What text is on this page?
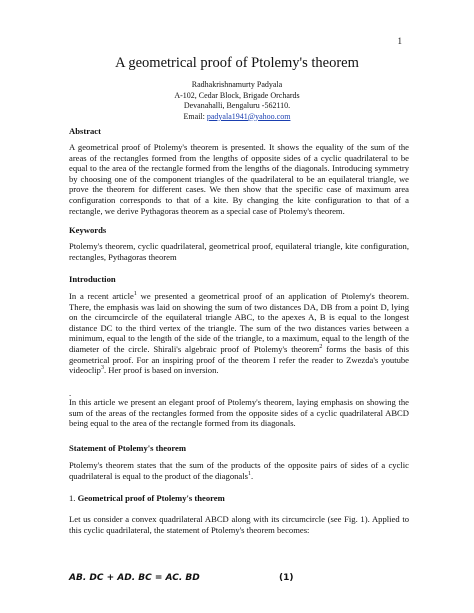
1
A geometrical proof of Ptolemy's theorem
Radhakrishnamurty Padyala
A-102, Cedar Block, Brigade Orchards
Devanahalli, Bengaluru -562110.
Email: padyala1941@yahoo.com
Abstract
A geometrical proof of Ptolemy's theorem is presented. It shows the equality of the sum of the areas of the rectangles formed from the lengths of opposite sides of a cyclic quadrilateral to be equal to the area of the rectangle formed from the lengths of the diagonals. Introducing symmetry by choosing one of the component triangles of the quadrilateral to be an equilateral triangle, we prove the theorem for different cases. We then show that the specific case of maximum area configuration corresponds to that of a kite. By changing the kite configuration to that of a rectangle, we derive Pythagoras theorem as a special case of Ptolemy's theorem.
Keywords
Ptolemy's theorem, cyclic quadrilateral, geometrical proof, equilateral triangle, kite configuration, rectangles, Pythagoras theorem
Introduction
In a recent article$^1$ we presented a geometrical proof of an application of Ptolemy's theorem. There, the emphasis was laid on showing the sum of two distances DA, DB from a point D, lying on the circumcircle of the equilateral triangle ABC, to the apexes A, B is equal to the longest distance DC to the third vertex of the triangle. The sum of the two distances varies between a minimum, equal to the length of the side of the triangle, to a maximum, equal to the length of the diameter of the circle. Shirali's algebraic proof of Ptolemy's theorem$^2$ forms the basis of this geometrical proof. For an inspiring proof of the theorem I refer the reader to Zwezda's youtube videoclip$^3$. Her proof is based on inversion.
.
In this article we present an elegant proof of Ptolemy's theorem, laying emphasis on showing the sum of the areas of the rectangles formed from the opposite sides of a cyclic quadrilateral ABCD being equal to the area of the rectangle formed from its diagonals.
Statement of Ptolemy's theorem
Ptolemy's theorem states that the sum of the products of the opposite pairs of sides of a cyclic quadrilateral is equal to the product of the diagonals$^1$.
1. Geometrical proof of Ptolemy's theorem
Let us consider a convex quadrilateral ABCD along with its circumcircle (see Fig. 1). Applied to this cyclic quadrilateral, the statement of Ptolemy's theorem becomes:
AB. DC + AD. BC = AC. BD	(1)
